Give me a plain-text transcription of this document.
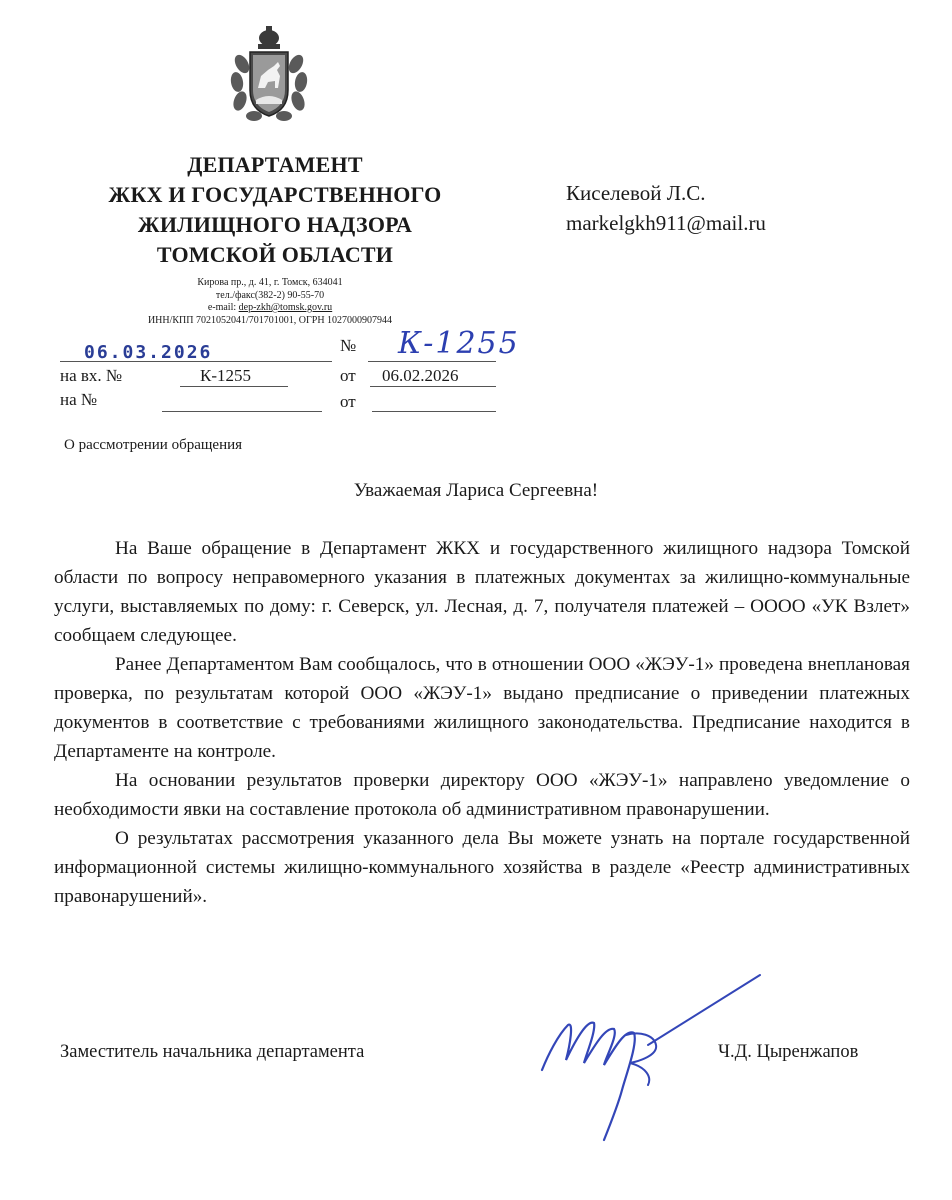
ДЕПАРТАМЕНТ
ЖКХ И ГОСУДАРСТВЕННОГО
ЖИЛИЩНОГО НАДЗОРА
ТОМСКОЙ ОБЛАСТИ
Кирова пр., д. 41, г. Томск, 634041
тел./факс(382-2) 90-55-70
e-mail: dep-zkh@tomsk.gov.ru
ИНН/КПП 7021052041/701701001, ОГРН 1027000907944
Киселевой Л.С.
markelgkh911@mail.ru
06.03.2026	№ К-1255
на вх. №	К-1255	от 06.02.2026
на №	от
О рассмотрении обращения
Уважаемая Лариса Сергеевна!

На Ваше обращение в Департамент ЖКХ и государственного жилищного надзора Томской области по вопросу неправомерного указания в платежных документах за жилищно-коммунальные услуги, выставляемых по дому: г. Северск, ул. Лесная, д. 7, получателя платежей – ОООО «УК Взлет» сообщаем следующее.

Ранее Департаментом Вам сообщалось, что в отношении ООО «ЖЭУ-1» проведена внеплановая проверка, по результатам которой ООО «ЖЭУ-1» выдано предписание о приведении платежных документов в соответствие с требованиями жилищного законодательства. Предписание находится в Департаменте на контроле.

На основании результатов проверки директору ООО «ЖЭУ-1» направлено уведомление о необходимости явки на составление протокола об административном правонарушении.

О результатах рассмотрения указанного дела Вы можете узнать на портале государственной информационной системы жилищно-коммунального хозяйства в разделе «Реестр административных правонарушений».

Заместитель начальника департамента	Ч.Д. Цыренжапов
